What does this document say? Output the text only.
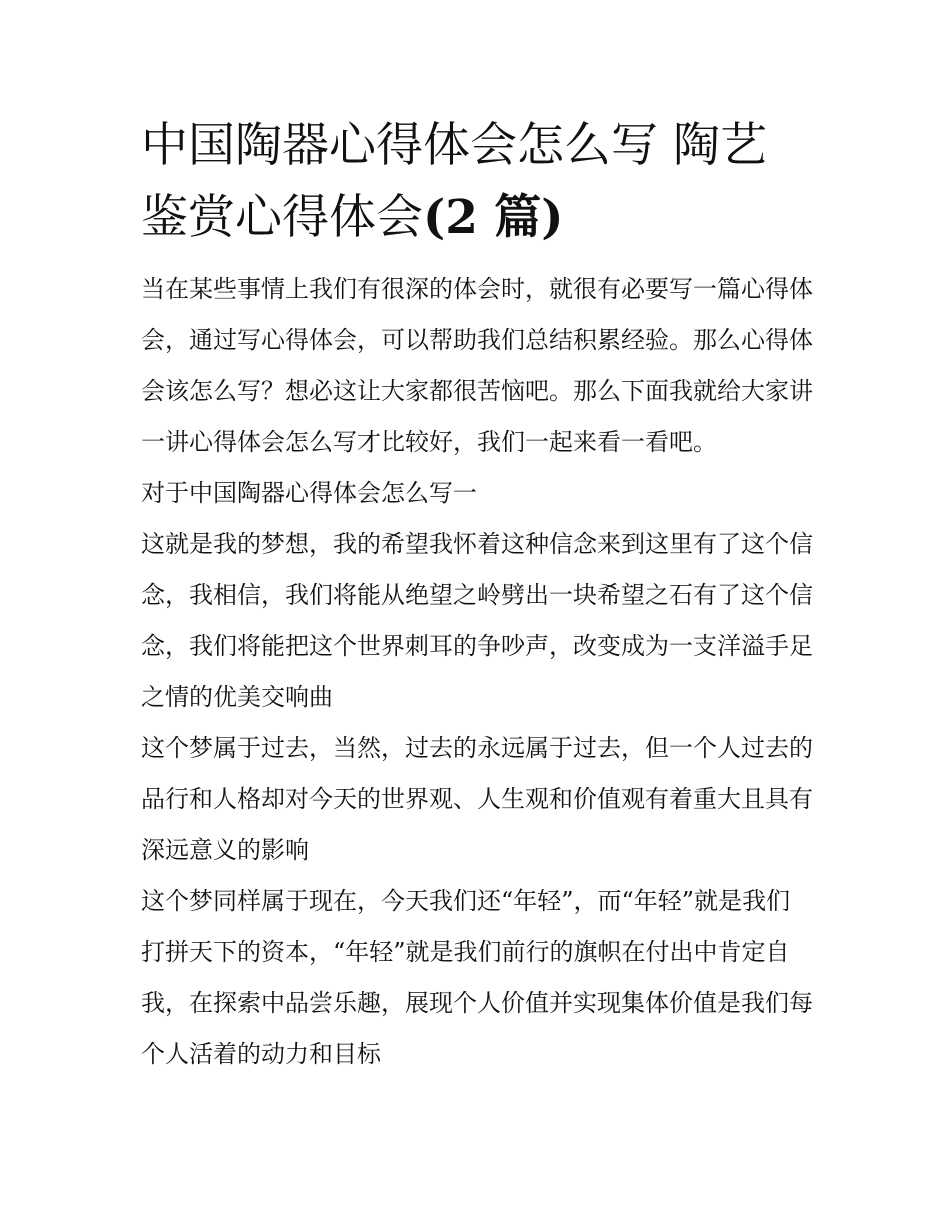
中国陶器心得体会怎么写 陶艺鉴赏心得体会(2 篇)

当在某些事情上我们有很深的体会时，就很有必要写一篇心得体会，通过写心得体会，可以帮助我们总结积累经验。那么心得体会该怎么写？想必这让大家都很苦恼吧。那么下面我就给大家讲一讲心得体会怎么写才比较好，我们一起来看一看吧。

对于中国陶器心得体会怎么写一

这就是我的梦想，我的希望我怀着这种信念来到这里有了这个信念，我相信，我们将能从绝望之岭劈出一块希望之石有了这个信念，我们将能把这个世界刺耳的争吵声，改变成为一支洋溢手足之情的优美交响曲

这个梦属于过去，当然，过去的永远属于过去，但一个人过去的品行和人格却对今天的世界观、人生观和价值观有着重大且具有深远意义的影响

这个梦同样属于现在，今天我们还“年轻”，而“年轻”就是我们打拼天下的资本，“年轻”就是我们前行的旗帜在付出中肯定自我，在探索中品尝乐趣，展现个人价值并实现集体价值是我们每个人活着的动力和目标
